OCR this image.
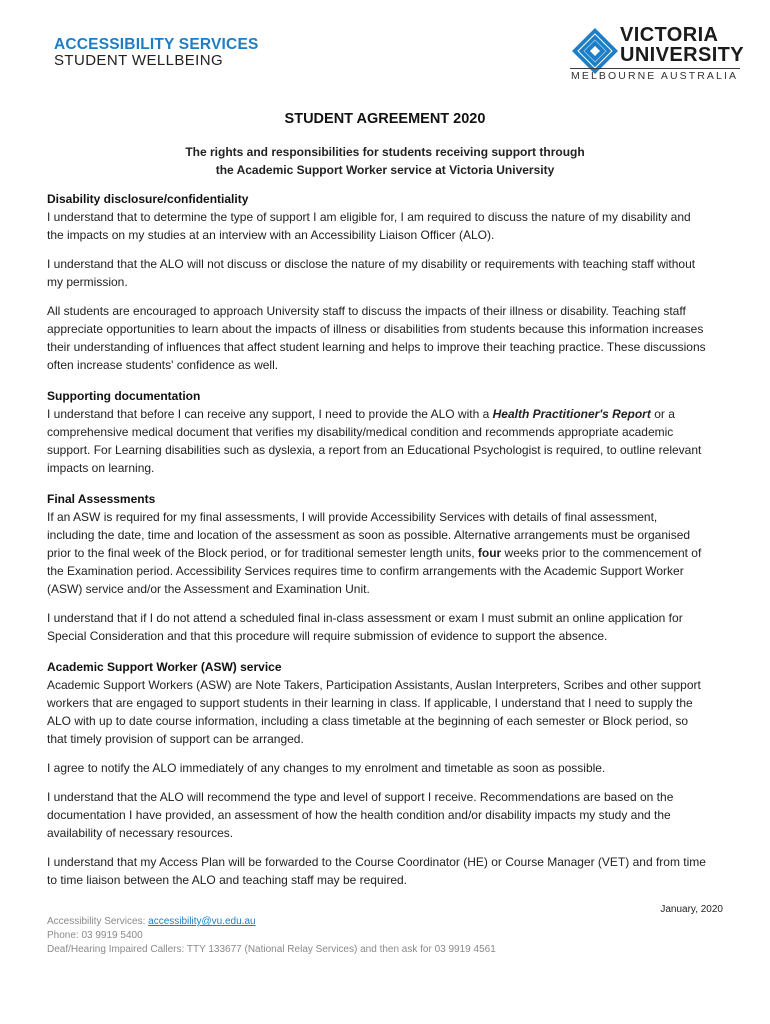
ACCESSIBILITY SERVICES
STUDENT WELLBEING
VICTORIA
UNIVERSITY
MELBOURNE AUSTRALIA
STUDENT AGREEMENT 2020
The rights and responsibilities for students receiving support through
the Academic Support Worker service at Victoria University
Disability disclosure/confidentiality

I understand that to determine the type of support I am eligible for, I am required to discuss the nature of my disability and the impacts on my studies at an interview with an Accessibility Liaison Officer (ALO).

I understand that the ALO will not discuss or disclose the nature of my disability or requirements with teaching staff without my permission.

All students are encouraged to approach University staff to discuss the impacts of their illness or disability. Teaching staff appreciate opportunities to learn about the impacts of illness or disabilities from students because this information increases their understanding of influences that affect student learning and helps to improve their teaching practice. These discussions often increase students' confidence as well.

Supporting documentation

I understand that before I can receive any support, I need to provide the ALO with a Health Practitioner's Report or a comprehensive medical document that verifies my disability/medical condition and recommends appropriate academic support. For Learning disabilities such as dyslexia, a report from an Educational Psychologist is required, to outline relevant impacts on learning.

Final Assessments

If an ASW is required for my final assessments, I will provide Accessibility Services with details of final assessment, including the date, time and location of the assessment as soon as possible. Alternative arrangements must be organised prior to the final week of the Block period, or for traditional semester length units, four weeks prior to the commencement of the Examination period. Accessibility Services requires time to confirm arrangements with the Academic Support Worker (ASW) service and/or the Assessment and Examination Unit.

I understand that if I do not attend a scheduled final in-class assessment or exam I must submit an online application for Special Consideration and that this procedure will require submission of evidence to support the absence.

Academic Support Worker (ASW) service

Academic Support Workers (ASW) are Note Takers, Participation Assistants, Auslan Interpreters, Scribes and other support workers that are engaged to support students in their learning in class. If applicable, I understand that I need to supply the ALO with up to date course information, including a class timetable at the beginning of each semester or Block period, so that timely provision of support can be arranged.

I agree to notify the ALO immediately of any changes to my enrolment and timetable as soon as possible.

I understand that the ALO will recommend the type and level of support I receive. Recommendations are based on the documentation I have provided, an assessment of how the health condition and/or disability impacts my study and the availability of necessary resources.

I understand that my Access Plan will be forwarded to the Course Coordinator (HE) or Course Manager (VET) and from time to time liaison between the ALO and teaching staff may be required.

January, 2020
Accessibility Services: accessibility@vu.edu.au
Phone: 03 9919 5400
Deaf/Hearing Impaired Callers: TTY 133677 (National Relay Services) and then ask for 03 9919 4561
